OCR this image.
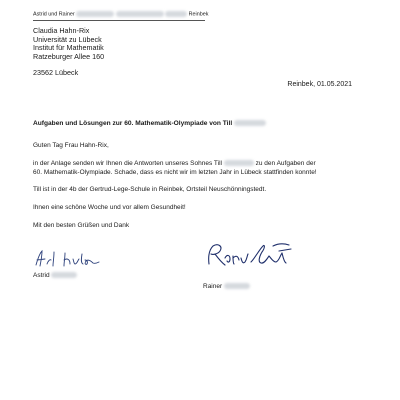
Astrid und Rainer	Reinbek
Claudia Hahn-Rix
Universität zu Lübeck
Institut für Mathematik
Ratzeburger Allee 160
23562 Lübeck
Reinbek, 01.05.2021
Aufgaben und Lösungen zur 60. Mathematik-Olympiade von Till
Guten Tag Frau Hahn-Rix,
in der Anlage senden wir Ihnen die Antworten unseres Sohnes Till	zu den Aufgaben der
60. Mathematik-Olympiade. Schade, dass es nicht wir im letzten Jahr in Lübeck stattfinden konnte!
Till ist in der 4b der Gertrud-Lege-Schule in Reinbek, Ortsteil Neuschönningstedt.
Ihnen eine schöne Woche und vor allem Gesundheit!
Mit den besten Grüßen und Dank
Astrid
Rainer
